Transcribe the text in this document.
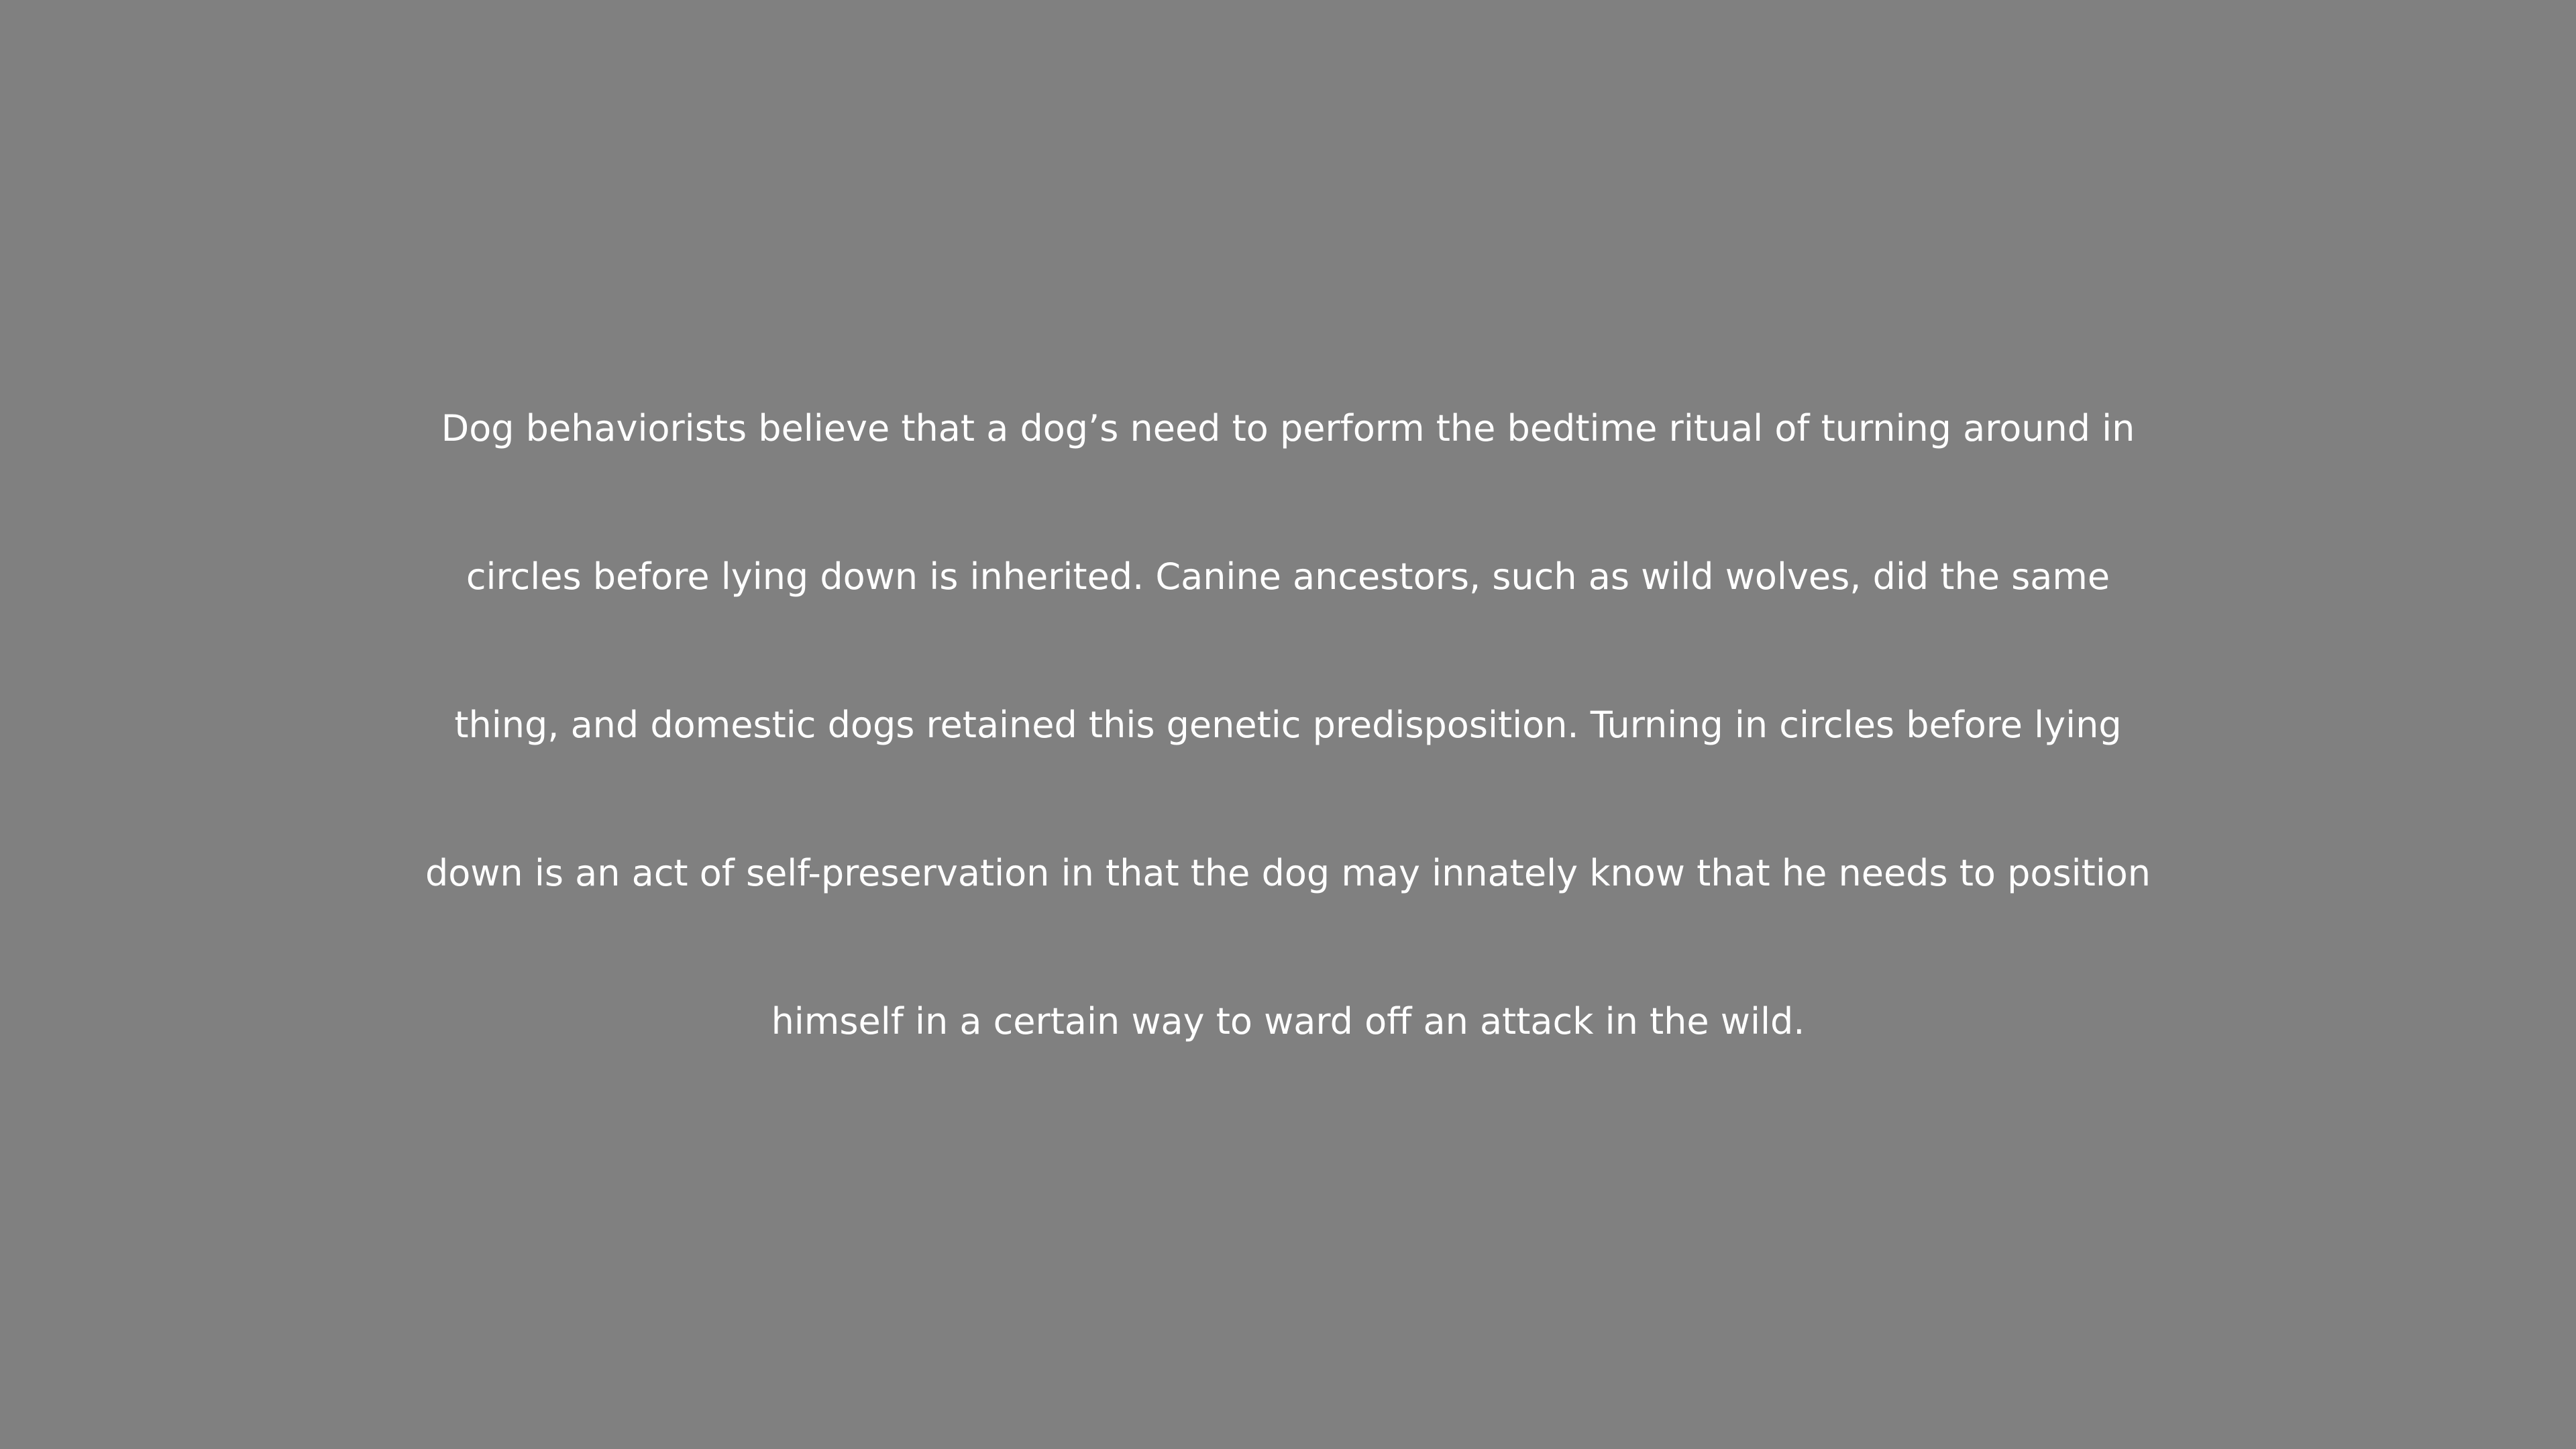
Dog behaviorists believe that a dog’s need to perform the bedtime ritual of turning around in
circles before lying down is inherited. Canine ancestors, such as wild wolves, did the same
thing, and domestic dogs retained this genetic predisposition. Turning in circles before lying
down is an act of self-preservation in that the dog may innately know that he needs to position
himself in a certain way to ward off an attack in the wild.
